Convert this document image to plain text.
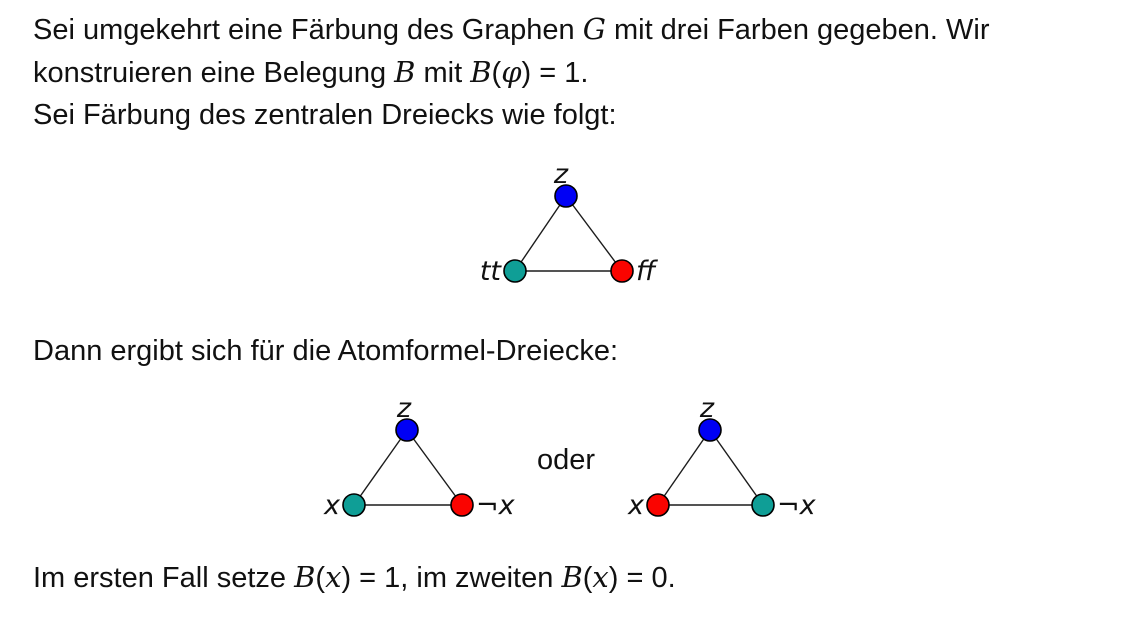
Sei umgekehrt eine Färbung des Graphen G mit drei Farben gegeben. Wir
konstruieren eine Belegung B mit B(φ) = 1.
Sei Färbung des zentralen Dreiecks wie folgt:
z
tt	ff
Dann ergibt sich für die Atomformel-Dreiecke:
z
x	¬x
oder
z
x	¬x
Im ersten Fall setze B(x) = 1, im zweiten B(x) = 0.
